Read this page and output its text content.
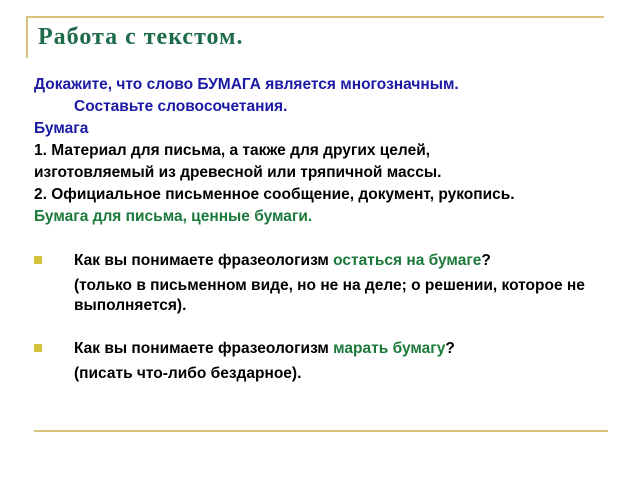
Работа с текстом.

Докажите, что слово БУМАГА является многозначным.

Составьте словосочетания.

Бумага

1. Материал для письма, а также для других целей,

изготовляемый из древесной или тряпичной массы.

2. Официальное письменное сообщение, документ, рукопись.

Бумага для письма, ценные бумаги.

Как вы понимаете фразеологизм остаться на бумаге?

(только в письменном виде, но не на деле; о решении, которое не выполняется).

Как вы понимаете фразеологизм марать бумагу?

(писать что-либо бездарное).
